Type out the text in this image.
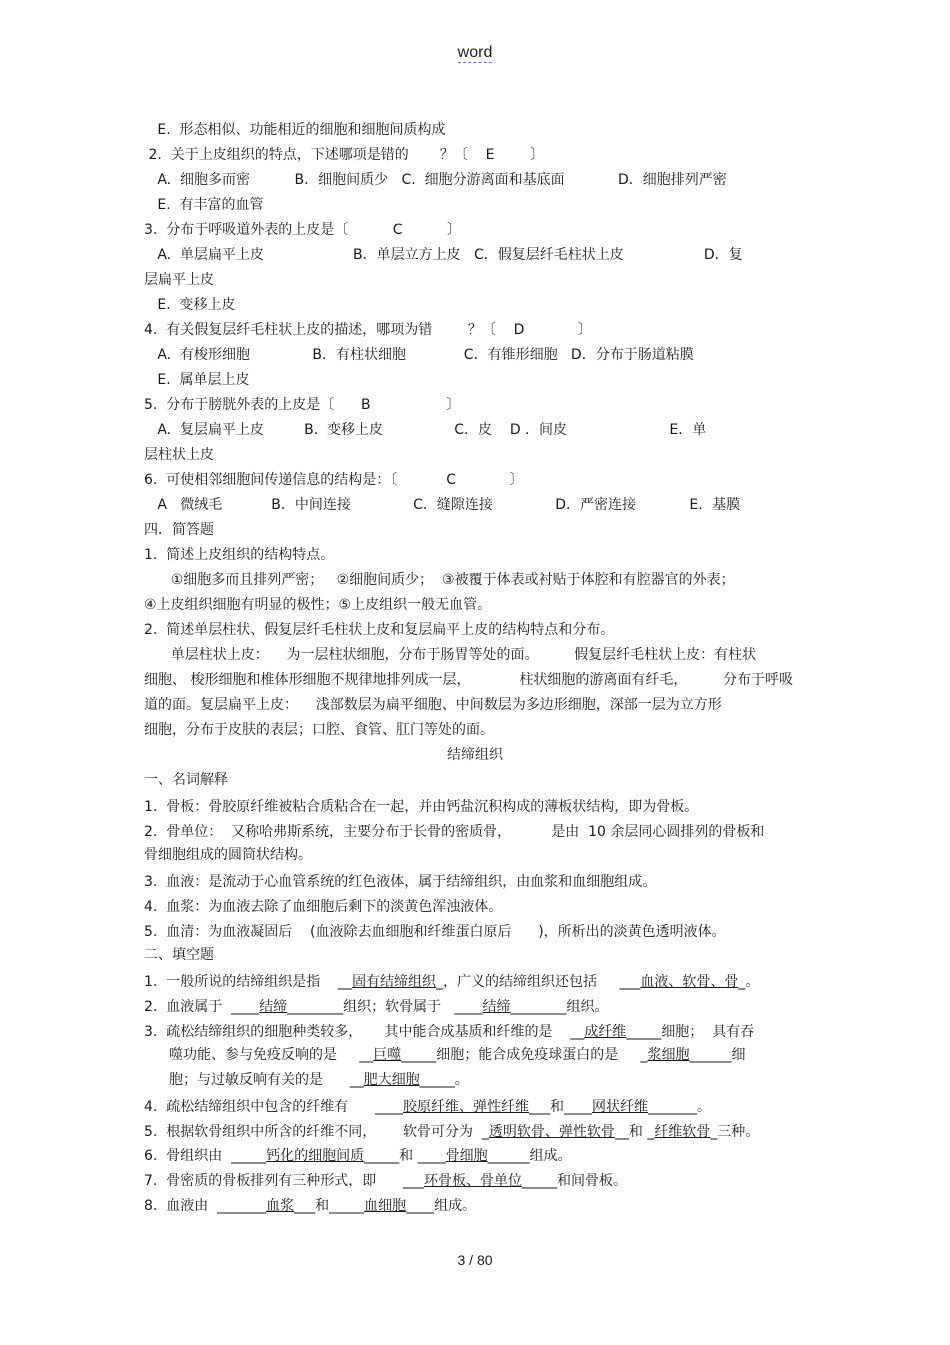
word
E.  形态相似、功能相近的细胞和细胞间质构成
2.  关于上皮组织的特点，下述哪项是错的       ？〔    E        〕
A.  细胞多而密          B．细胞间质少   C.  细胞分游离面和基底面            D．细胞排列严密
E.  有丰富的血管
3.  分布于呼吸道外表的上皮是〔          C          〕
A.  单层扁平上皮                    B．单层立方上皮   C．假复层纤毛柱状上皮                  D．复
层扁平上皮
E.  变移上皮
4.  有关假复层纤毛柱状上皮的描述，哪项为错        ？〔    D            〕
A.  有梭形细胞              B．有柱状细胞             C．有锥形细胞   D．分布于肠道粘膜
E.  属单层上皮
5.  分布于膀胱外表的上皮是〔      B                 〕
A.  复层扁平上皮         B.  变移上皮                C．皮    D ．间皮                       E．单
层柱状上皮
6.  可使相邻细胞间传递信息的结构是：〔           C            〕
A   微绒毛           B．中间连接              C．缝隙连接              D．严密连接            E．基膜
四．简答题
1.  简述上皮组织的结构特点。
①细胞多而且排列严密；   ②细胞间质少；  ③被覆于体表或衬贴于体腔和有腔器官的外表；
④上皮组织细胞有明显的极性；⑤上皮组织一般无血管。
2.  简述单层柱状、假复层纤毛柱状上皮和复层扁平上皮的结构特点和分布。
单层柱状上皮：    为一层柱状细胞，分布于肠胃等处的面。        假复层纤毛柱状上皮：有柱状
细胞、 梭形细胞和椎体形细胞不规律地排列成一层，           柱状细胞的游离面有纤毛，        分布于呼吸
道的面。复层扁平上皮：    浅部数层为扁平细胞、中间数层为多边形细胞，深部一层为立方形
细胞，分布于皮肤的表层；口腔、食管、肛门等处的面。
一、名词解释
1.  骨板：骨胶原纤维被粘合质粘合在一起，并由钙盐沉积构成的薄板状结构，即为骨板。
2.  骨单位：  又称哈弗斯系统，主要分布于长骨的密质骨，         是由  10 余层同心圆排列的骨板和
骨细胞组成的圆筒状结构。
3.  血液：是流动于心血管系统的红色液体，属于结缔组织，由血浆和血细胞组成。
4.  血浆：为血液去除了血细胞后剩下的淡黄色浑浊液体。
5.  血清：为血液凝固后    (血液除去血细胞和纤维蛋白原后      )，所析出的淡黄色透明液体。
二、填空题
结缔组织
1.  一般所说的结缔组织是指    __固有结缔组织_，广义的结缔组织还包括     ___血液、软骨、骨_。
2.  血液属于  ____结缔________组织；软骨属于   ____结缔________组织。
3.  疏松结缔组织的细胞种类较多，     其中能合成基质和纤维的是    __成纤维_____细胞；  具有吞
噬功能、参与免疫反响的是     __巨噬_____细胞；能合成免疫球蛋白的是     _浆细胞______细
胞；与过敏反响有关的是      __肥大细胞_____。
4.  疏松结缔组织中包含的纤维有      ____胶原纤维、弹性纤维___和____网状纤维_______。
5.  根据软骨组织中所含的纤维不同，      软骨可分为  _透明软骨、弹性软骨__和 _纤维软骨_三种。
6.  骨组织由  _____钙化的细胞间质_____和 ____骨细胞______组成。
7.  骨密质的骨板排列有三种形式，即      ___环骨板、骨单位_____和间骨板。
8.  血液由  _______血浆___和_____血细胞____组成。
3 / 80
